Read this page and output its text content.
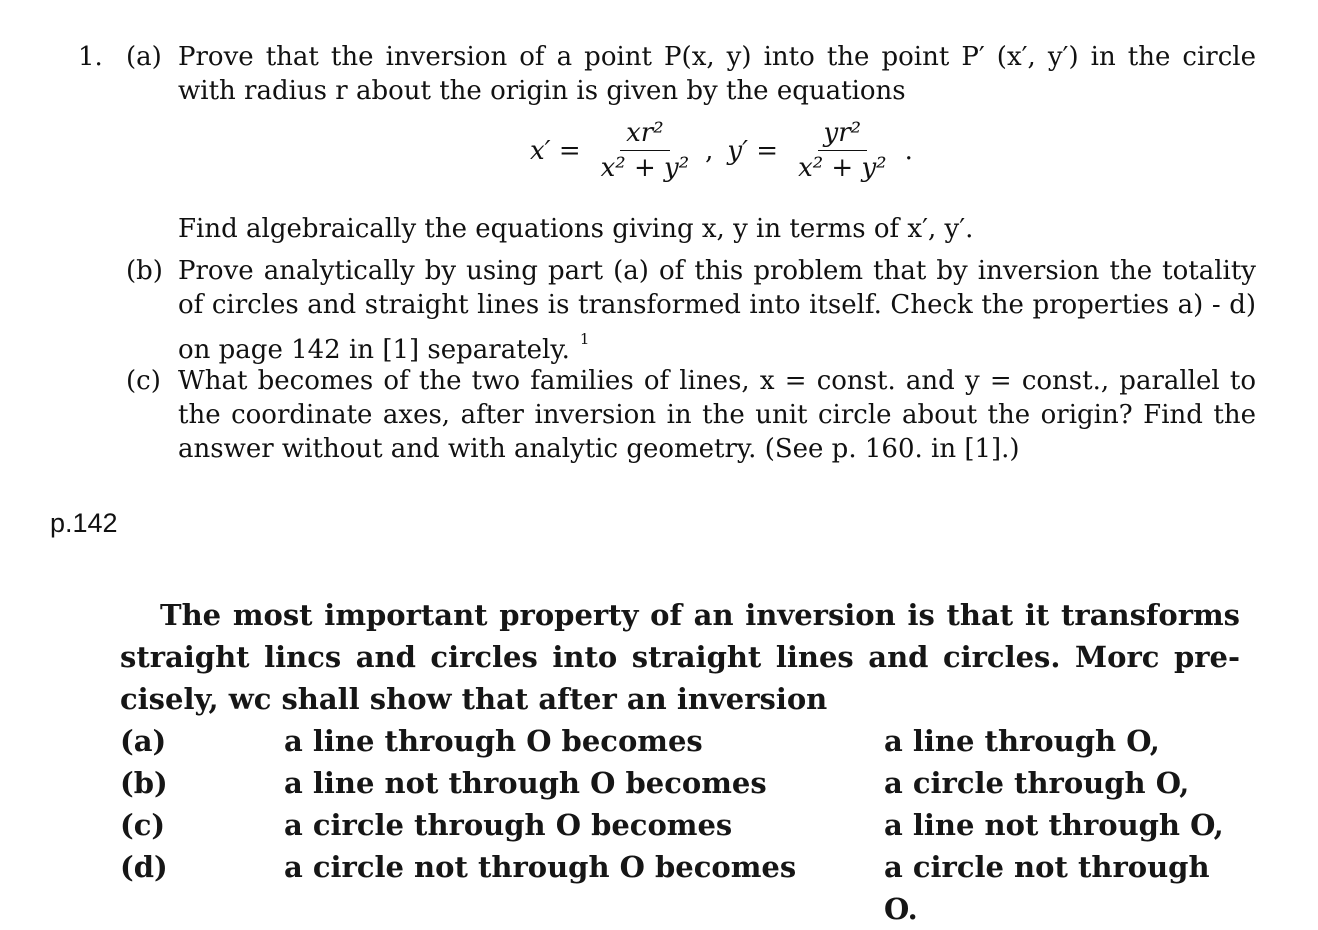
1. (a) Prove that the inversion of a point P(x, y) into the point P′ (x′, y′) in the circle with radius r about the origin is given by the equations
$x' = \frac{\text{xr²}}{\text{x² + y²}}$ , $y' = \frac{\text{yr²}}{\text{x² + y²}}$ .
Find algebraically the equations giving x, y in terms of x′, y′.
(b) Prove analytically by using part (a) of this problem that by inversion the totality of circles and straight lines is transformed into itself. Check the properties a) - d) on page 142 in [1] separately. $^1$
(c) What becomes of the two families of lines, x = const. and y = const., parallel to the coordinate axes, after inversion in the unit circle about the origin? Find the answer without and with analytic geometry. (See p. 160. in [1].)
p.142

The most important property of an inversion is that it transforms straight lincs and circles into straight lines and circles. Morc pre-cisely, wc shall show that after an inversion

(a)	a line through O becomes	a line through O,
(b)	a line not through O becomes	a circle through O,
(c)	a circle through O becomes	a line not through O,
(d)	a circle not through O becomes	a circle not through O.
